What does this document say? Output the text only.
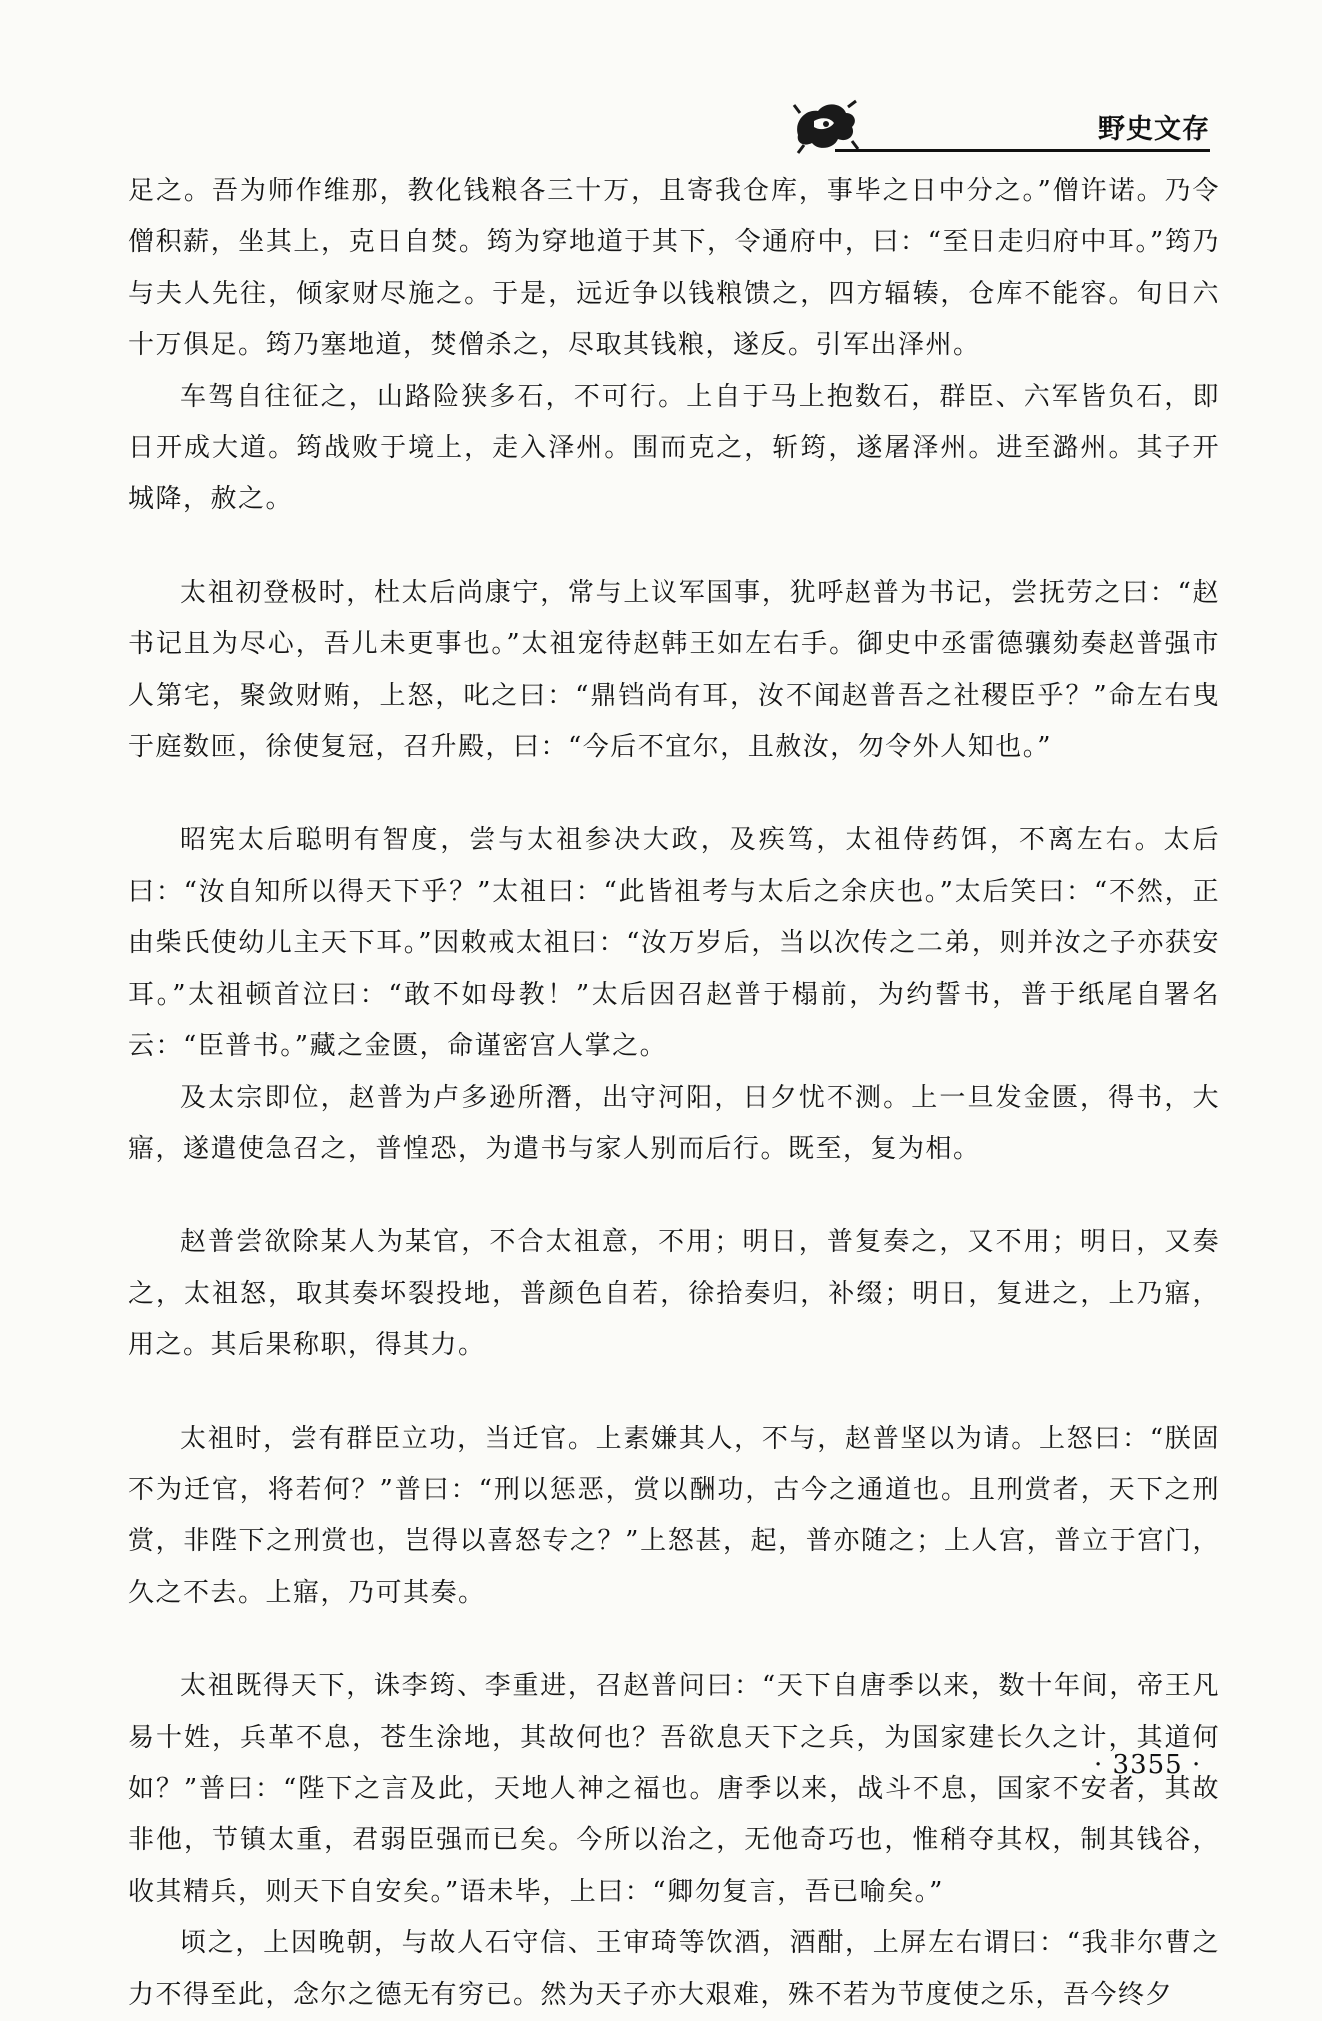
野史文存

足之。吾为师作维那，教化钱粮各三十万，且寄我仓库，事毕之日中分之。”僧许诺。乃令僧积薪，坐其上，克日自焚。筠为穿地道于其下，令通府中，曰：“至日走归府中耳。”筠乃与夫人先往，倾家财尽施之。于是，远近争以钱粮馈之，四方辐辏，仓库不能容。旬日六十万俱足。筠乃塞地道，焚僧杀之，尽取其钱粮，遂反。引军出泽州。

车驾自往征之，山路险狭多石，不可行。上自于马上抱数石，群臣、六军皆负石，即日开成大道。筠战败于境上，走入泽州。围而克之，斩筠，遂屠泽州。进至潞州。其子开城降，赦之。

太祖初登极时，杜太后尚康宁，常与上议军国事，犹呼赵普为书记，尝抚劳之曰：“赵书记且为尽心，吾儿未更事也。”太祖宠待赵韩王如左右手。御史中丞雷德骧劾奏赵普强市人第宅，聚敛财贿，上怒，叱之曰：“鼎铛尚有耳，汝不闻赵普吾之社稷臣乎？”命左右曳于庭数匝，徐使复冠，召升殿，曰：“今后不宜尔，且赦汝，勿令外人知也。”

昭宪太后聪明有智度，尝与太祖参决大政，及疾笃，太祖侍药饵，不离左右。太后曰：“汝自知所以得天下乎？”太祖曰：“此皆祖考与太后之余庆也。”太后笑曰：“不然，正由柴氏使幼儿主天下耳。”因敕戒太祖曰：“汝万岁后，当以次传之二弟，则并汝之子亦获安耳。”太祖顿首泣曰：“敢不如母教！”太后因召赵普于榻前，为约誓书，普于纸尾自署名云：“臣普书。”藏之金匮，命谨密宫人掌之。

及太宗即位，赵普为卢多逊所潛，出守河阳，日夕忧不测。上一旦发金匮，得书，大寤，遂遣使急召之，普惶恐，为遣书与家人别而后行。既至，复为相。

赵普尝欲除某人为某官，不合太祖意，不用；明日，普复奏之，又不用；明日，又奏之，太祖怒，取其奏坏裂投地，普颜色自若，徐拾奏归，补缀；明日，复进之，上乃寤，用之。其后果称职，得其力。

太祖时，尝有群臣立功，当迁官。上素嫌其人，不与，赵普坚以为请。上怒曰：“朕固不为迁官，将若何？”普曰：“刑以惩恶，赏以酬功，古今之通道也。且刑赏者，天下之刑赏，非陛下之刑赏也，岂得以喜怒专之？”上怒甚，起，普亦随之；上人宫，普立于宫门，久之不去。上寤，乃可其奏。

太祖既得天下，诛李筠、李重进，召赵普问曰：“天下自唐季以来，数十年间，帝王凡易十姓，兵革不息，苍生涂地，其故何也？吾欲息天下之兵，为国家建长久之计，其道何如？”普曰：“陛下之言及此，天地人神之福也。唐季以来，战斗不息，国家不安者，其故非他，节镇太重，君弱臣强而已矣。今所以治之，无他奇巧也，惟稍夺其权，制其钱谷，收其精兵，则天下自安矣。”语未毕，上曰：“卿勿复言，吾已喻矣。”

顷之，上因晚朝，与故人石守信、王审琦等饮酒，酒酣，上屏左右谓曰：“我非尔曹之力不得至此，念尔之德无有穷已。然为天子亦大艰难，殊不若为节度使之乐，吾今终夕

· 3355 ·
